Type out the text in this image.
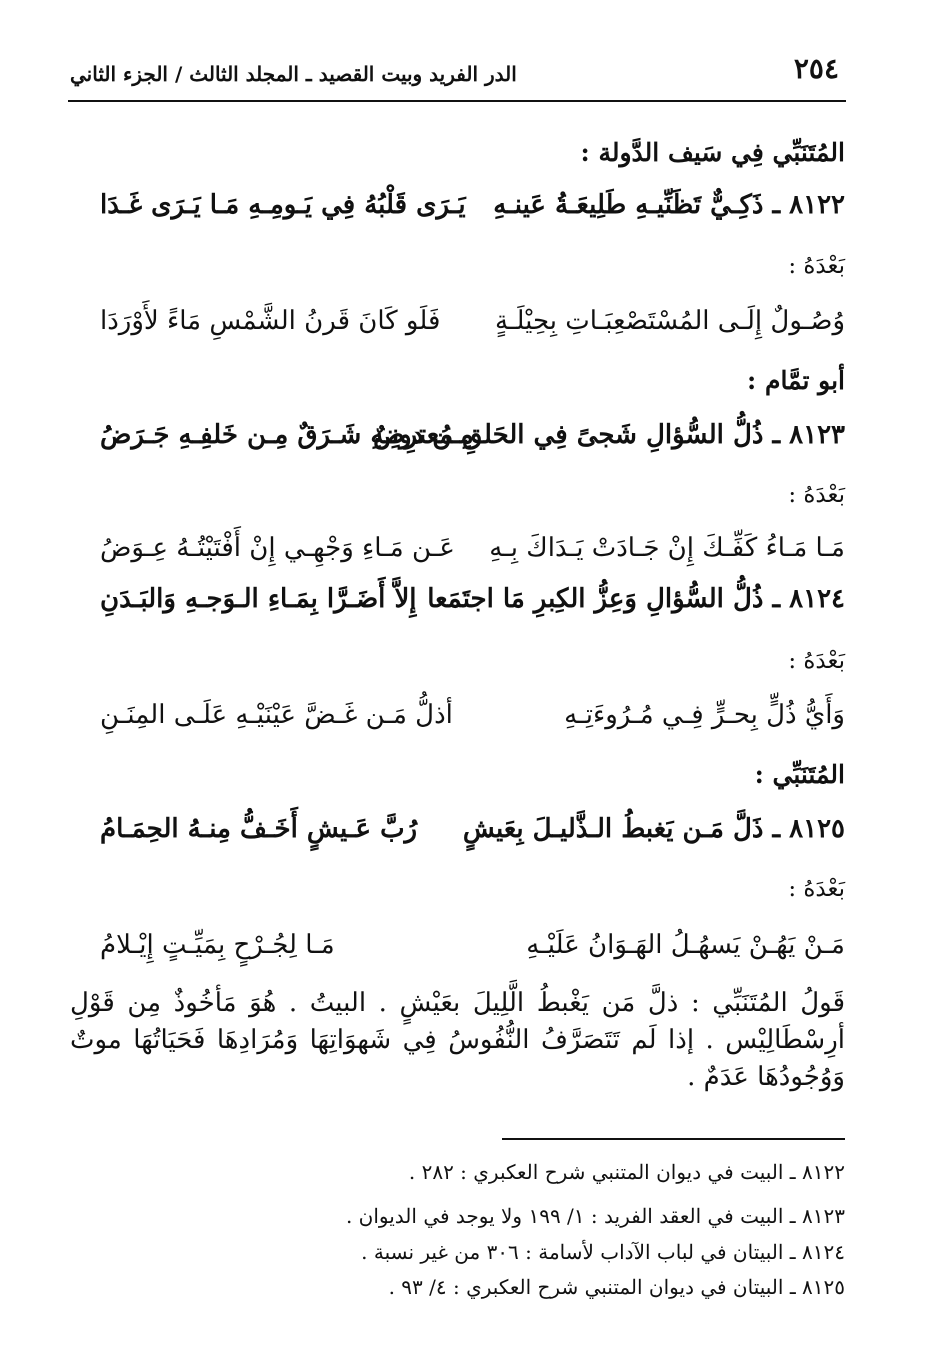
٢٥٤
الدر الفريد وبيت القصيد ـ المجلد الثالث / الجزء الثاني
المُتَنَبِّي فِي سَيف الدَّولة :
٨١٢٢ ـ ذَكِـيٌّ تَظَنِّيـهِ طَلِيعَـةُ عَينـهِ
يَـرَى قَلْبُهُ فِي يَـومِـهِ مَـا يَـرَى غَـدَا
بَعْدَهُ :
وُصُـولٌ إِلَـى المُسْتَصْعِبَـاتِ بِحِيْلَـةٍ
فَلَو كَانَ قَرنُ الشَّمْسِ مَاءً لأَوْرَدَا
أبو تمَّام :
٨١٢٣ ـ ذُلُّ السُّؤالِ شَجىً فِي الحَلقِ مُعترِضٌ
مِـن دونِـهِ شَـرَقٌ مِـن خَلفِـهِ جَـرَضُ
بَعْدَهُ :
مَـا مَـاءُ كَفِّـكَ إِنْ جَـادَتْ يَـدَاكَ بِـهِ
عَـن مَـاءِ وَجْهِـي إِنْ أَفْتَيْتُـهُ عِـوَضُ
٨١٢٤ ـ ذُلُّ السُّؤالِ وَعِزُّ الكِبرِ مَا اجتَمَعا
إِلاَّ أَضَـرَّا بِمَـاءِ الـوَجـهِ وَالبَـدَنِ
بَعْدَهُ :
وَأَيُّ ذُلٍّ بِحـرٍّ فِـي مُـرُوءَتِـهِ
أذلُّ مَـن غَـضَّ عَيْنَيْـهِ عَلَـى المِنَـنِ
المُتَنَبِّي :
٨١٢٥ ـ ذَلَّ مَـن يَغبطُ الـذَّليـلَ بِعَيشٍ
رُبَّ عَـيشٍ أَخَـفُّ مِنـهُ الحِمَـامُ
بَعْدَهُ :
مَـنْ يَهُـنْ يَسهُـلُ الهَـوَانُ عَلَيْـهِ
مَـا لِجُـرْحٍ بِمَيِّـتٍ إِيْـلامُ
قَولُ المُتَنَبِّي : ذلَّ مَن يَغْبطُ الَّلِيلَ بعَيْشٍ . البيتُ . هُوَ مَأخُوذٌ مِن قَوْلِ أرِسْطَالِيْس . إذا لَم تَتَصَرَّفُ النُّفُوسُ فِي شَهوَاتِهَا وَمُرَادِهَا فَحَيَاتُهَا موتٌ وَوُجُودُهَا عَدَمٌ .
٨١٢٢ ـ البيت في ديوان المتنبي شرح العكبري : ٢٨٢ .
٨١٢٣ ـ البيت في العقد الفريد : ١/ ١٩٩ ولا يوجد في الديوان .
٨١٢٤ ـ البيتان في لباب الآداب لأسامة : ٣٠٦ من غير نسبة .
٨١٢٥ ـ البيتان في ديوان المتنبي شرح العكبري : ٤/ ٩٣ .
